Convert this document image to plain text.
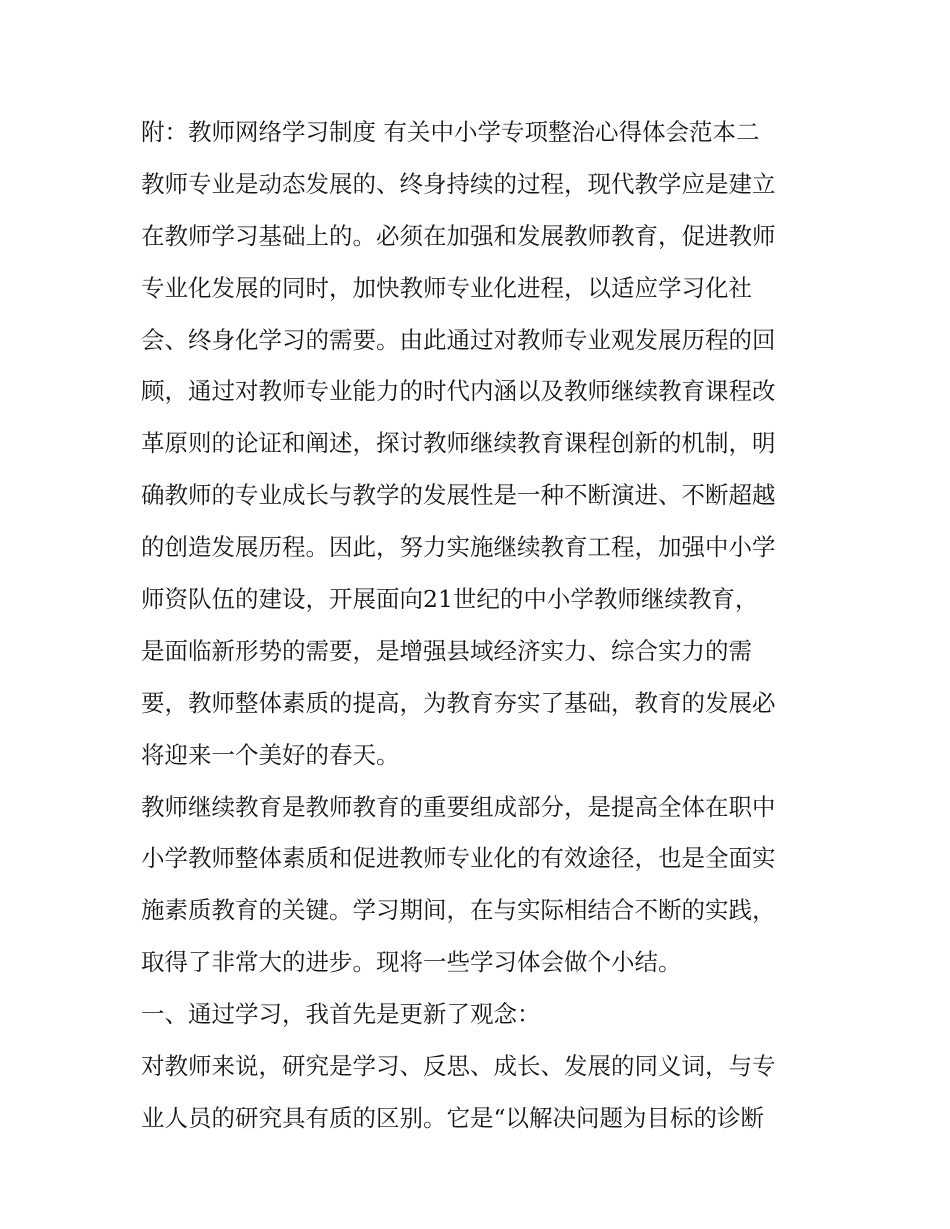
附：教师网络学习制度 有关中小学专项整治心得体会范本二
教师专业是动态发展的、终身持续的过程，现代教学应是建立
在教师学习基础上的。必须在加强和发展教师教育，促进教师
专业化发展的同时，加快教师专业化进程，以适应学习化社
会、终身化学习的需要。由此通过对教师专业观发展历程的回
顾，通过对教师专业能力的时代内涵以及教师继续教育课程改
革原则的论证和阐述，探讨教师继续教育课程创新的机制，明
确教师的专业成长与教学的发展性是一种不断演进、不断超越
的创造发展历程。因此，努力实施继续教育工程，加强中小学
师资队伍的建设，开展面向21世纪的中小学教师继续教育，
是面临新形势的需要，是增强县域经济实力、综合实力的需
要，教师整体素质的提高，为教育夯实了基础，教育的发展必
将迎来一个美好的春天。
教师继续教育是教师教育的重要组成部分，是提高全体在职中
小学教师整体素质和促进教师专业化的有效途径，也是全面实
施素质教育的关键。学习期间，在与实际相结合不断的实践，
取得了非常大的进步。现将一些学习体会做个小结。
一、通过学习，我首先是更新了观念：
对教师来说，研究是学习、反思、成长、发展的同义词，与专
业人员的研究具有质的区别。它是“以解决问题为目标的诊断
